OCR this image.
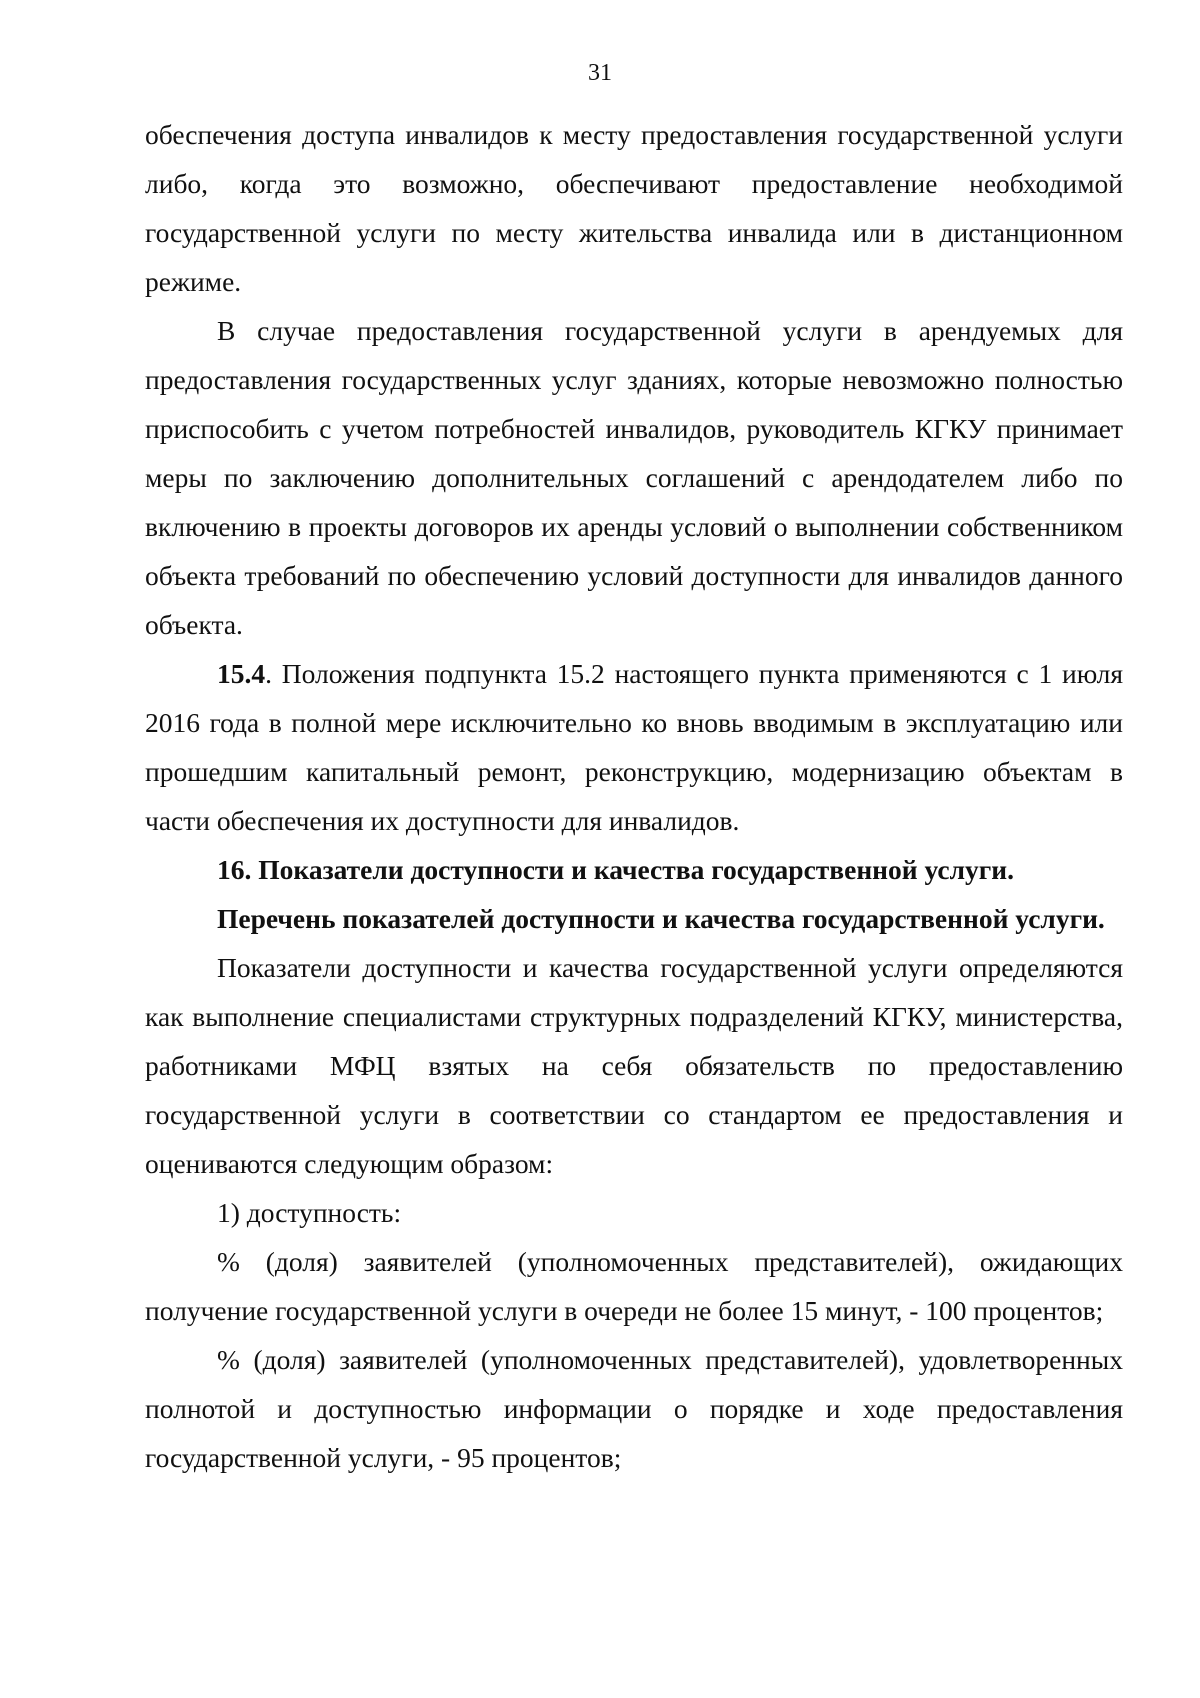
31

обеспечения доступа инвалидов к месту предоставления государственной услуги либо, когда это возможно, обеспечивают предоставление необходимой государственной услуги по месту жительства инвалида или в дистанционном режиме.

В случае предоставления государственной услуги в арендуемых для предоставления государственных услуг зданиях, которые невозможно полностью приспособить с учетом потребностей инвалидов, руководитель КГКУ принимает меры по заключению дополнительных соглашений с арендодателем либо по включению в проекты договоров их аренды условий о выполнении собственником объекта требований по обеспечению условий доступности для инвалидов данного объекта.

15.4. Положения подпункта 15.2 настоящего пункта применяются с 1 июля 2016 года в полной мере исключительно ко вновь вводимым в эксплуатацию или прошедшим капитальный ремонт, реконструкцию, модернизацию объектам в части обеспечения их доступности для инвалидов.

16. Показатели доступности и качества государственной услуги.

Перечень показателей доступности и качества государственной услуги.

Показатели доступности и качества государственной услуги определяются как выполнение специалистами структурных подразделений КГКУ, министерства, работниками МФЦ взятых на себя обязательств по предоставлению государственной услуги в соответствии со стандартом ее предоставления и оцениваются следующим образом:

1) доступность:

% (доля) заявителей (уполномоченных представителей), ожидающих получение государственной услуги в очереди не более 15 минут, - 100 процентов;

% (доля) заявителей (уполномоченных представителей), удовлетворенных полнотой и доступностью информации о порядке и ходе предоставления государственной услуги, - 95 процентов;
